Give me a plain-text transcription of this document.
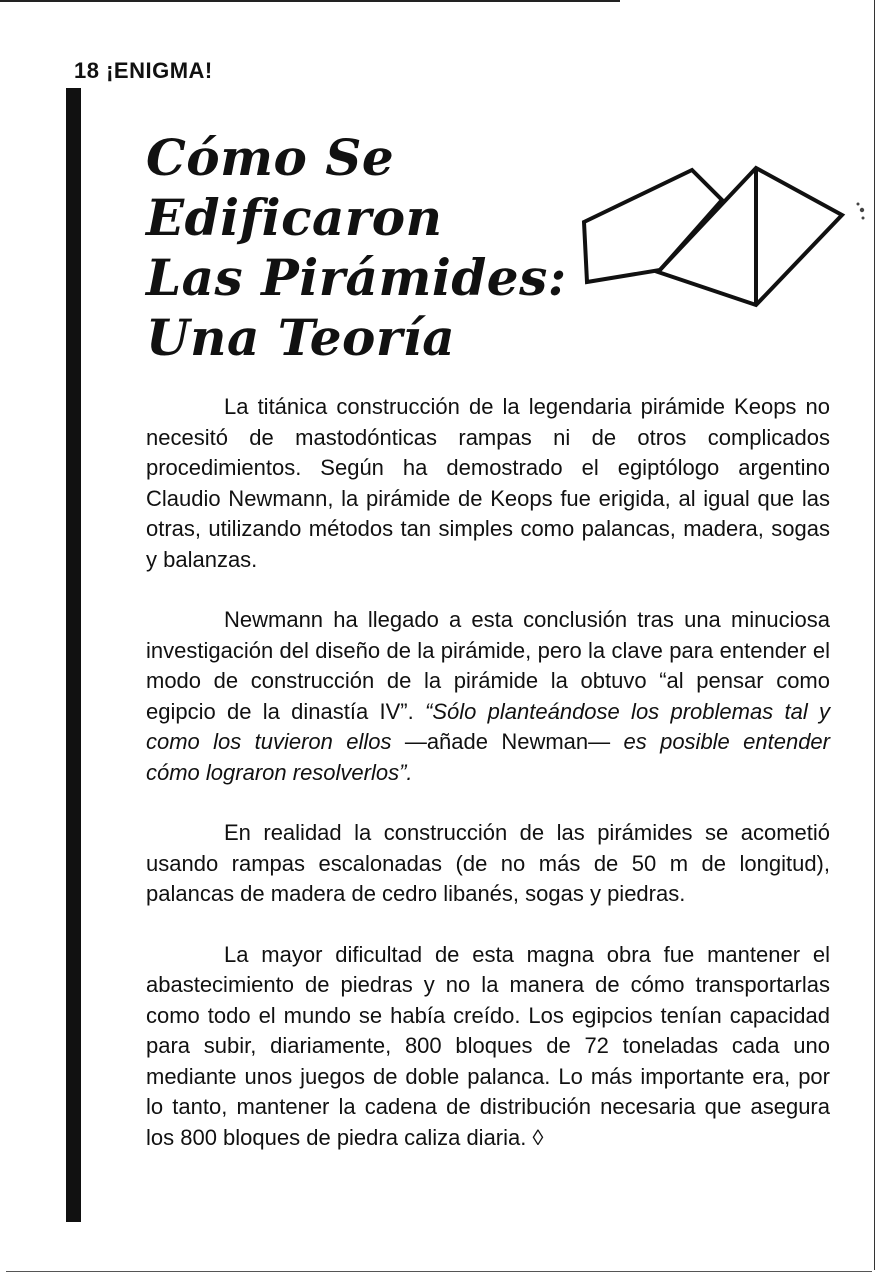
18 ¡ENIGMA!
Cómo Se
Edificaron
Las Pirámides:
Una Teoría

La titánica construcción de la legendaria pirámide Keops no necesitó de mastodónticas rampas ni de otros complicados procedimientos. Según ha demostrado el egiptólogo argentino Claudio Newmann, la pirámide de Keops fue erigida, al igual que las otras, utilizando métodos tan simples como palancas, madera, sogas y balanzas.

Newmann ha llegado a esta conclusión tras una minuciosa investigación del diseño de la pirámide, pero la clave para entender el modo de construcción de la pirámide la obtuvo “al pensar como egipcio de la dinastía IV”. “Sólo planteándose los problemas tal y como los tuvieron ellos —añade Newman— es posible entender cómo lograron resolverlos”.

En realidad la construcción de las pirámides se acometió usando rampas escalonadas (de no más de 50 m de longitud), palancas de madera de cedro libanés, sogas y piedras.

La mayor dificultad de esta magna obra fue mantener el abastecimiento de piedras y no la manera de cómo transportarlas como todo el mundo se había creído. Los egipcios tenían capacidad para subir, diariamente, 800 bloques de 72 toneladas cada uno mediante unos juegos de doble palanca. Lo más importante era, por lo tanto, mantener la cadena de distribución necesaria que asegura los 800 bloques de piedra caliza diaria. ◊
